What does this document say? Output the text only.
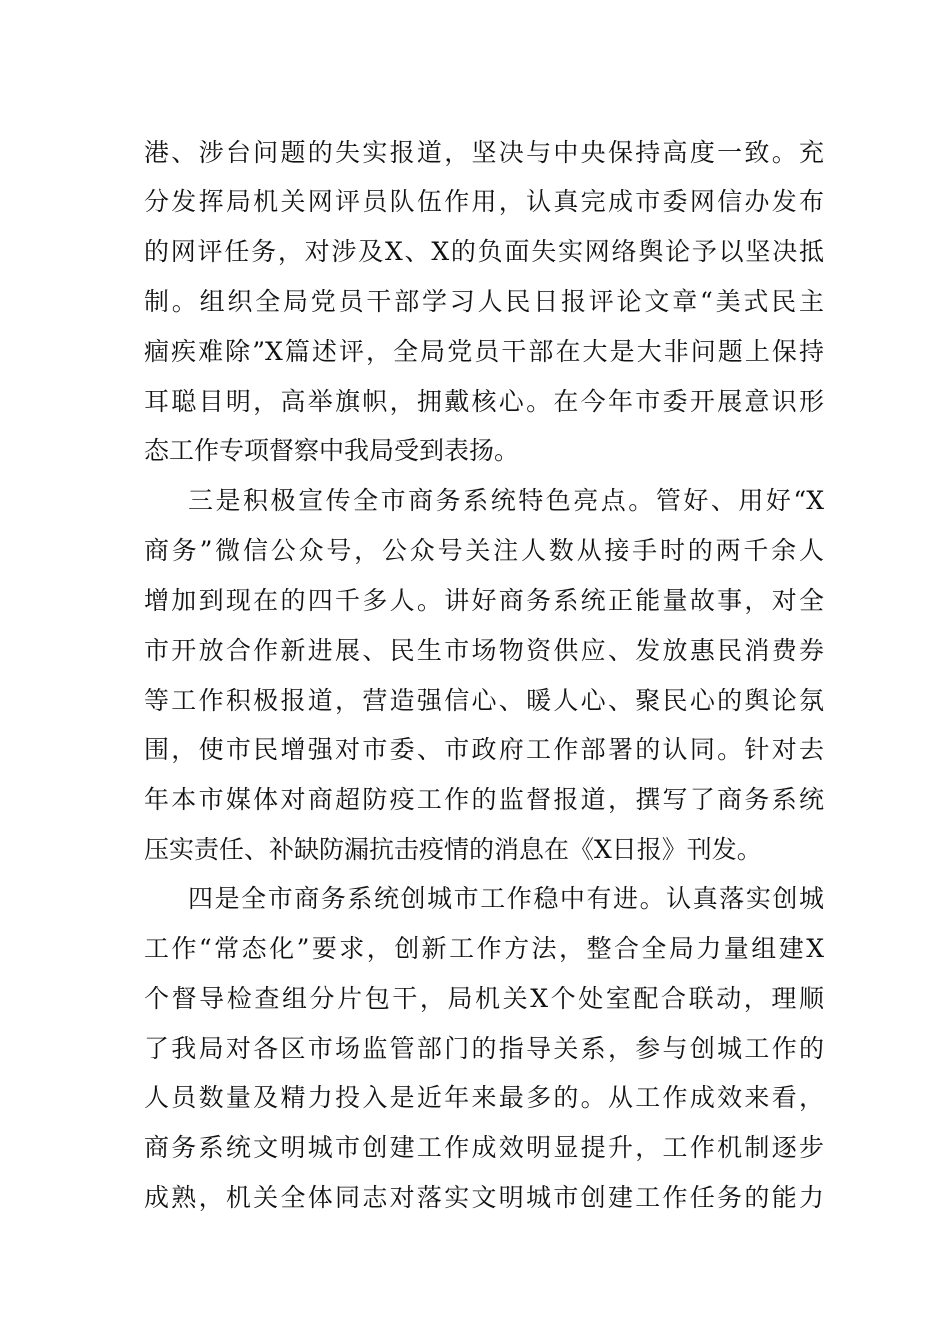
港、涉台问题的失实报道，坚决与中央保持高度一致。充
分发挥局机关网评员队伍作用，认真完成市委网信办发布
的网评任务，对涉及X、X的负面失实网络舆论予以坚决抵
制。组织全局党员干部学习人民日报评论文章“美式民主
痼疾难除”X篇述评，全局党员干部在大是大非问题上保持
耳聪目明，高举旗帜，拥戴核心。在今年市委开展意识形
态工作专项督察中我局受到表扬。
三是积极宣传全市商务系统特色亮点。管好、用好“X
商务”微信公众号，公众号关注人数从接手时的两千余人
增加到现在的四千多人。讲好商务系统正能量故事，对全
市开放合作新进展、民生市场物资供应、发放惠民消费券
等工作积极报道，营造强信心、暖人心、聚民心的舆论氛
围，使市民增强对市委、市政府工作部署的认同。针对去
年本市媒体对商超防疫工作的监督报道，撰写了商务系统
压实责任、补缺防漏抗击疫情的消息在《X日报》刊发。
四是全市商务系统创城市工作稳中有进。认真落实创城
工作“常态化”要求，创新工作方法，整合全局力量组建X
个督导检查组分片包干，局机关X个处室配合联动，理顺
了我局对各区市场监管部门的指导关系，参与创城工作的
人员数量及精力投入是近年来最多的。从工作成效来看，
商务系统文明城市创建工作成效明显提升，工作机制逐步
成熟，机关全体同志对落实文明城市创建工作任务的能力
